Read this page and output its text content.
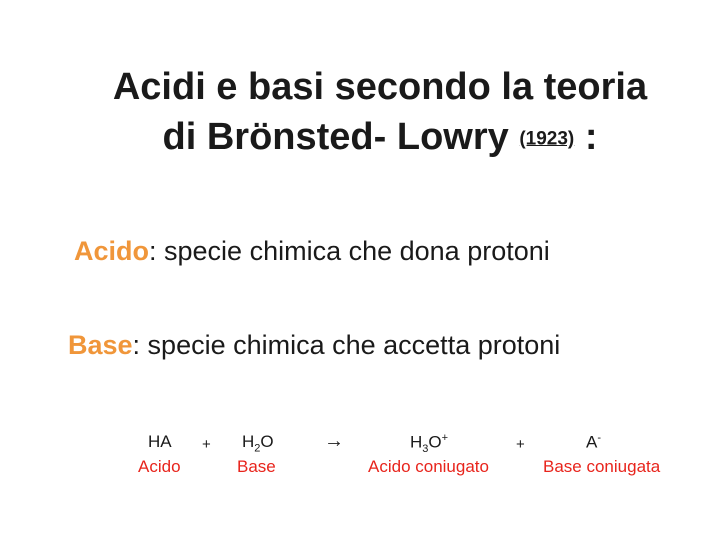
Acidi e basi secondo la teoria
di Brönsted- Lowry (1923) :
Acido: specie chimica che dona protoni
Base: specie chimica che accetta protoni
HA + $H_2O$	→	$H_3O^+$	+	A-
Acido	Base	Acido coniugato	Base coniugata
